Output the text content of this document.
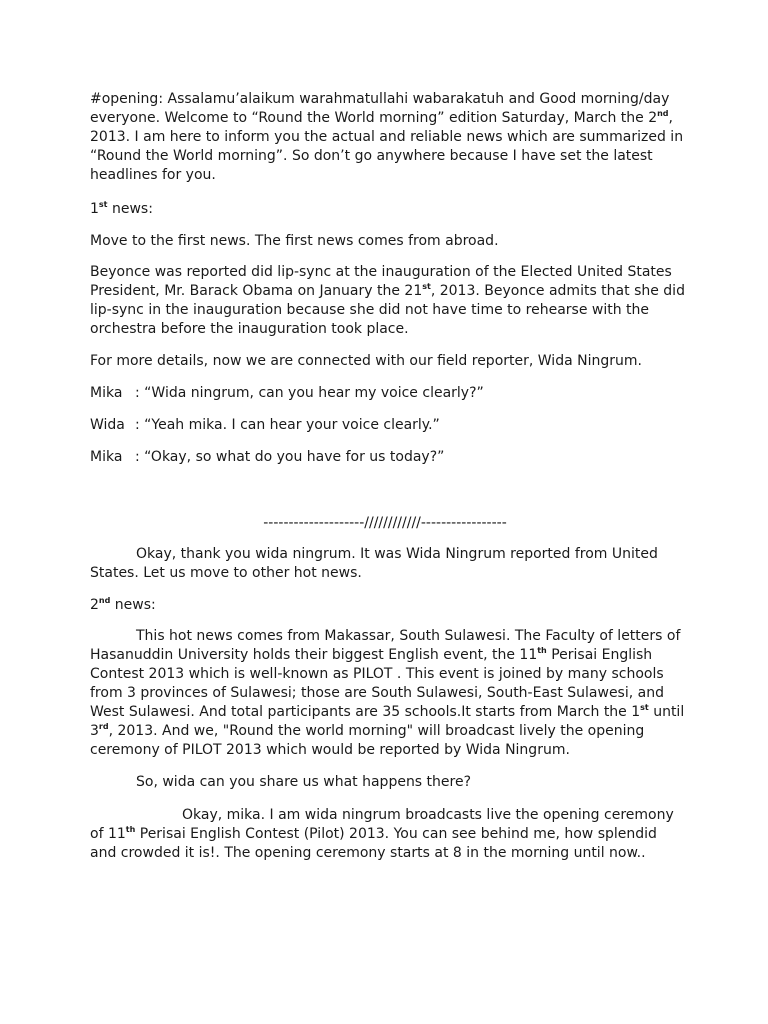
#opening: Assalamu’alaikum warahmatullahi wabarakatuh and Good morning/day
everyone. Welcome to “Round the World morning” edition Saturday, March the 2nd,
2013. I am here to inform you the actual and reliable news which are summarized in
“Round the World morning”. So don’t go anywhere because I have set the latest
headlines for you.
1st news:
Move to the first news. The first news comes from abroad.
Beyonce was reported did lip-sync at the inauguration of the Elected United States
President, Mr. Barack Obama on January the 21st, 2013. Beyonce admits that she did
lip-sync in the inauguration because she did not have time to rehearse with the
orchestra before the inauguration took place.
For more details, now we are connected with our field reporter, Wida Ningrum.
Mika : “Wida ningrum, can you hear my voice clearly?”
Wida : “Yeah mika. I can hear your voice clearly.”
Mika : “Okay, so what do you have for us today?”
--------------------////////////-----------------
Okay, thank you wida ningrum. It was Wida Ningrum reported from United
States. Let us move to other hot news.
2nd news:
This hot news comes from Makassar, South Sulawesi. The Faculty of letters of
Hasanuddin University holds their biggest English event, the 11th Perisai English
Contest 2013 which is well-known as PILOT . This event is joined by many schools
from 3 provinces of Sulawesi; those are South Sulawesi, South-East Sulawesi, and
West Sulawesi. And total participants are 35 schools.It starts from March the 1st until
3rd, 2013. And we, "Round the world morning" will broadcast lively the opening
ceremony of PILOT 2013 which would be reported by Wida Ningrum.
So, wida can you share us what happens there?
Okay, mika. I am wida ningrum broadcasts live the opening ceremony
of 11th Perisai English Contest (Pilot) 2013. You can see behind me, how splendid
and crowded it is!. The opening ceremony starts at 8 in the morning until now..
